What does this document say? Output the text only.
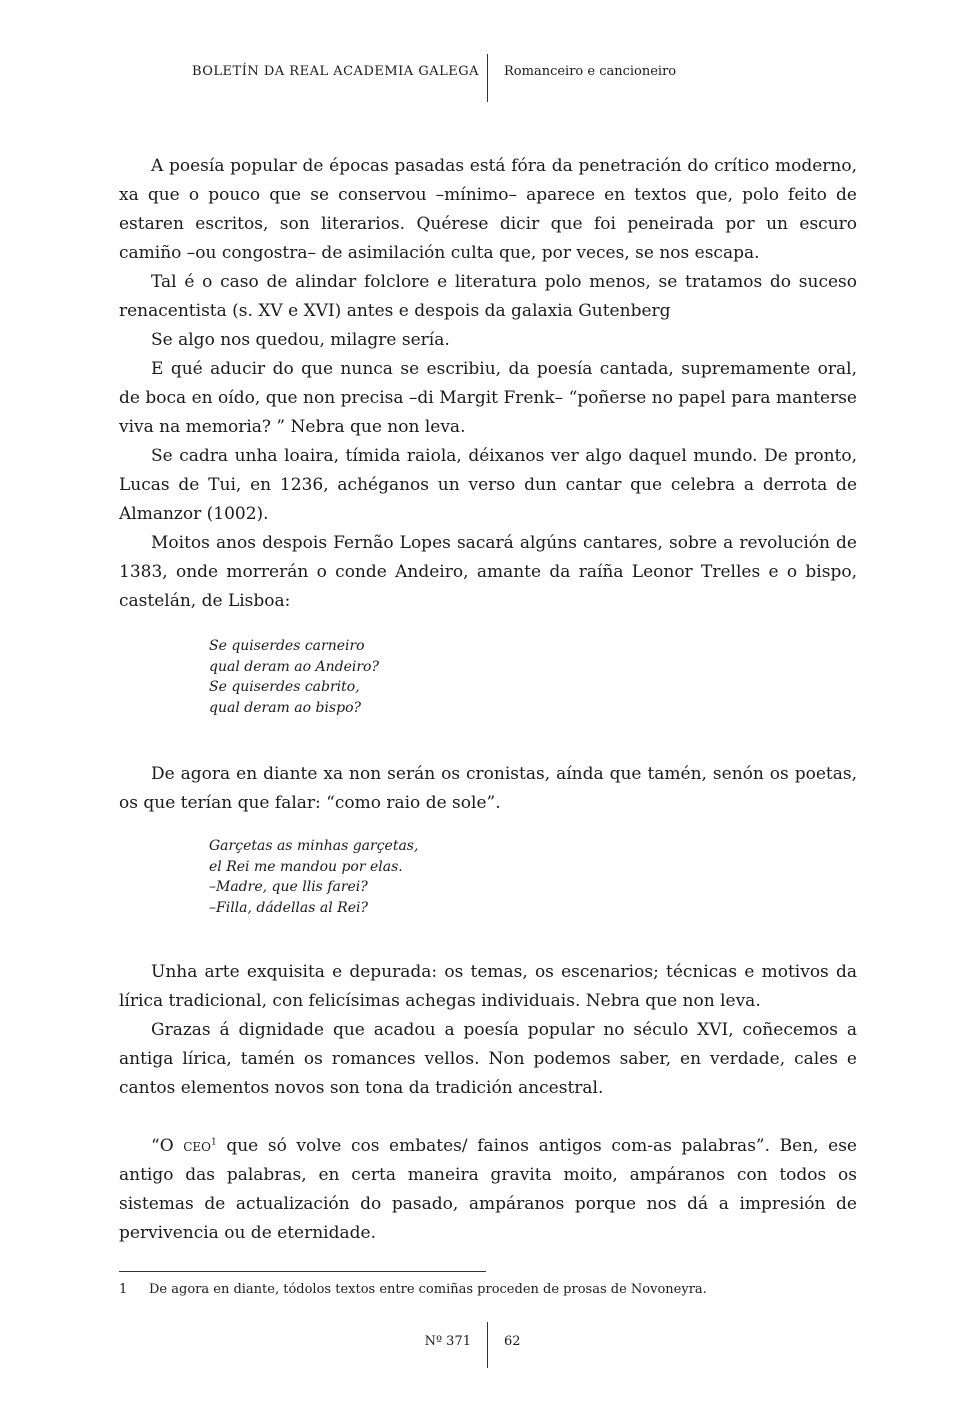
BOLETÍN DA REAL ACADEMIA GALEGA Romanceiro e cancioneiro

A poesía popular de épocas pasadas está fóra da penetración do crítico moderno, xa que o pouco que se conservou –mínimo– aparece en textos que, polo feito de estaren escritos, son literarios. Quérese dicir que foi peneirada por un escuro camiño –ou congostra– de asimilación culta que, por veces, se nos escapa.

Tal é o caso de alindar folclore e literatura polo menos, se tratamos do suceso renacentista (s. XV e XVI) antes e despois da galaxia Gutenberg

Se algo nos quedou, milagre sería.

E qué aducir do que nunca se escribiu, da poesía cantada, supremamente oral, de boca en oído, que non precisa –di Margit Frenk– “poñerse no papel para manterse viva na memoria? ” Nebra que non leva.

Se cadra unha loaira, tímida raiola, déixanos ver algo daquel mundo. De pronto, Lucas de Tui, en 1236, achéganos un verso dun cantar que celebra a derrota de Almanzor (1002).

Moitos anos despois Fernão Lopes sacará algúns cantares, sobre a revolución de 1383, onde morrerán o conde Andeiro, amante da raíña Leonor Trelles e o bispo, castelán, de Lisboa:

Se quiserdes carneiro
qual deram ao Andeiro?
Se quiserdes cabrito,
qual deram ao bispo?

De agora en diante xa non serán os cronistas, aínda que tamén, senón os poetas, os que terían que falar: “como raio de sole”.

Garçetas as minhas garçetas,
el Rei me mandou por elas.
–Madre, que llis farei?
–Filla, dádellas al Rei?

Unha arte exquisita e depurada: os temas, os escenarios; técnicas e motivos da lírica tradicional, con felicísimas achegas individuais. Nebra que non leva.

Grazas á dignidade que acadou a poesía popular no século XVI, coñecemos a antiga lírica, tamén os romances vellos. Non podemos saber, en verdade, cales e cantos elementos novos son tona da tradición ancestral.

“O ceo$^1$ que só volve cos embates/ fainos antigos com-as palabras”. Ben, ese antigo das palabras, en certa maneira gravita moito, ampáranos con todos os sistemas de actualización do pasado, ampáranos porque nos dá a impresión de pervivencia ou de eternidade.

1 De agora en diante, tódolos textos entre comiñas proceden de prosas de Novoneyra.
Nº 371	62
